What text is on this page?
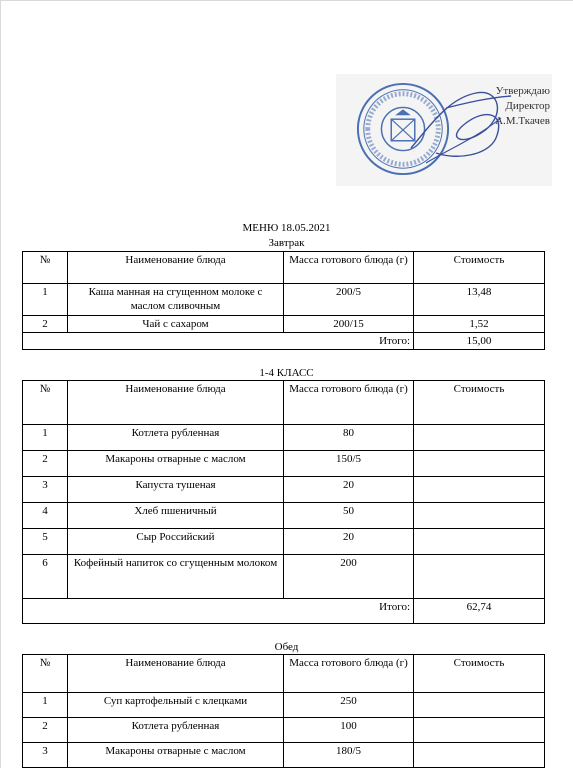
Утверждаю
Директор
А.М.Ткачев
МЕНЮ 18.05.2021
Завтрак
№	Наименование блюда	Масса готового блюда (г)	Стоимость
1	Каша манная на сгущенном молоке с маслом сливочным	200/5	13,48
2	Чай с сахаром	200/15	1,52
Итого:			15,00
1-4 КЛАСС
№	Наименование блюда	Масса готового блюда (г)	Стоимость
1	Котлета рубленная	80	
2	Макароны отварные с маслом	150/5	
3	Капуста тушеная	20	
4	Хлеб пшеничный	50	
5	Сыр Российский	20	
6	Кофейный напиток со сгущенным молоком	200	
Итого:			62,74
Обед
№	Наименование блюда	Масса готового блюда (г)	Стоимость
1	Суп картофельный с клецками	250	
2	Котлета рубленная	100	
3	Макароны отварные с маслом	180/5	
